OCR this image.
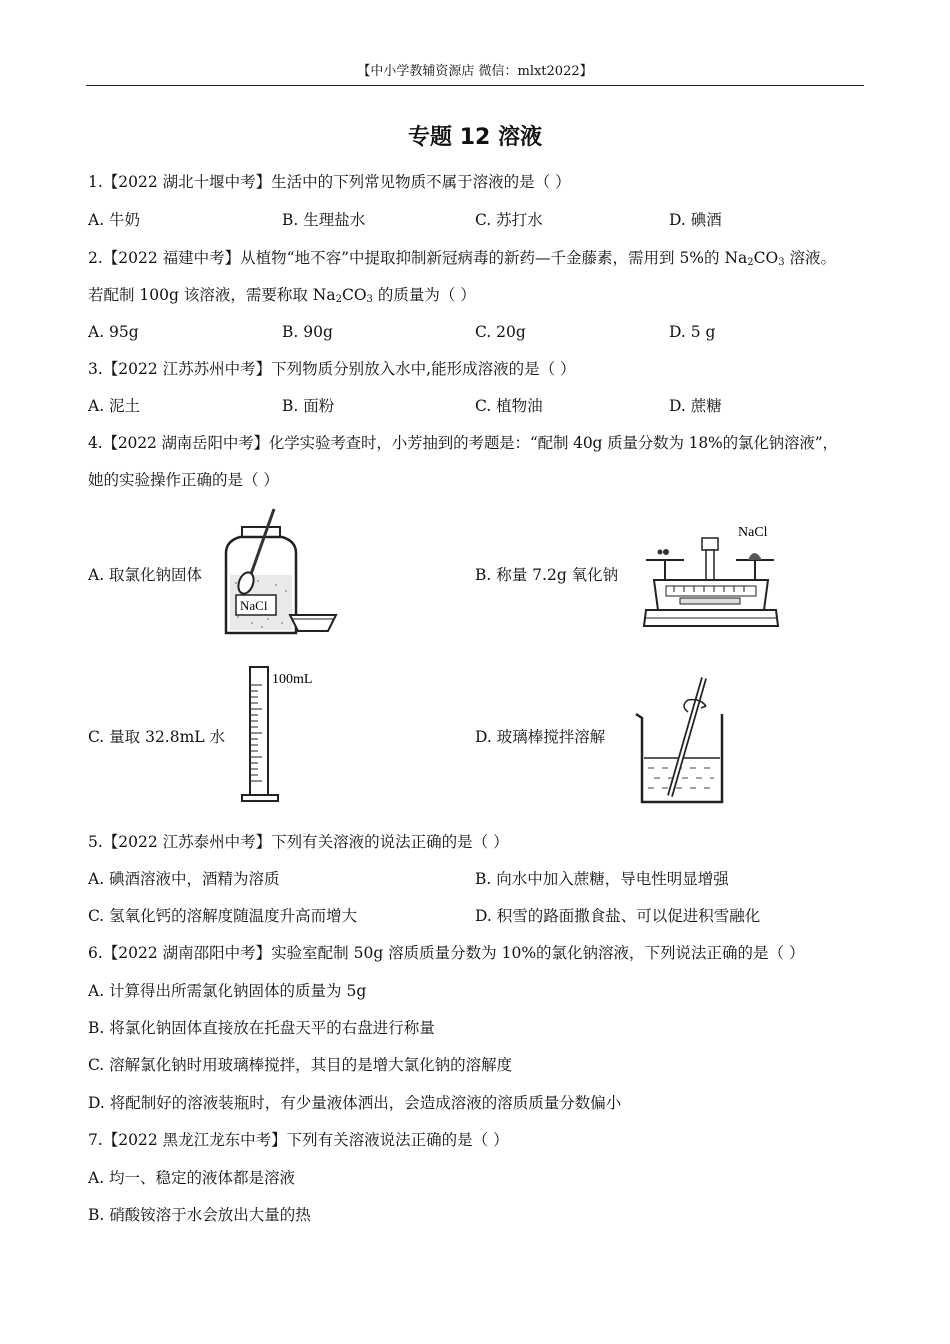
【中小学教辅资源店 微信：mlxt2022】
专题 12 溶液
1.【2022 湖北十堰中考】生活中的下列常见物质不属于溶液的是（ ）
A. 牛奶	B. 生理盐水	C. 苏打水	D. 碘酒
2.【2022 福建中考】从植物“地不容”中提取抑制新冠病毒的新药—千金藤素，需用到 5%的 $Na_2CO_3$ 溶液。
若配制 100g 该溶液，需要称取 $Na_2CO_3$ 的质量为（ ）
A. 95g	B. 90g	C. 20g	D. 5 g
3.【2022 江苏苏州中考】下列物质分别放入水中,能形成溶液的是（ ）
A. 泥土	B. 面粉	C. 植物油	D. 蔗糖
4.【2022 湖南岳阳中考】化学实验考查时，小芳抽到的考题是：“配制 40g 质量分数为 18%的氯化钠溶液”，
她的实验操作正确的是（ ）
A. 取氯化钠固体
NaCl
B. 称量 7.2g 氧化钠
NaCl
C. 量取 32.8mL 水
100mL
D. 玻璃棒搅拌溶解
5.【2022 江苏泰州中考】下列有关溶液的说法正确的是（ ）
A. 碘酒溶液中，酒精为溶质	B. 向水中加入蔗糖，导电性明显增强
C. 氢氧化钙的溶解度随温度升高而增大	D. 积雪的路面撒食盐、可以促进积雪融化
6.【2022 湖南邵阳中考】实验室配制 50g 溶质质量分数为 10%的氯化钠溶液，下列说法正确的是（ ）
A. 计算得出所需氯化钠固体的质量为 5g
B. 将氯化钠固体直接放在托盘天平的右盘进行称量
C. 溶解氯化钠时用玻璃棒搅拌，其目的是增大氯化钠的溶解度
D. 将配制好的溶液装瓶时，有少量液体洒出，会造成溶液的溶质质量分数偏小
7.【2022 黑龙江龙东中考】下列有关溶液说法正确的是（ ）
A. 均一、稳定的液体都是溶液
B. 硝酸铵溶于水会放出大量的热
